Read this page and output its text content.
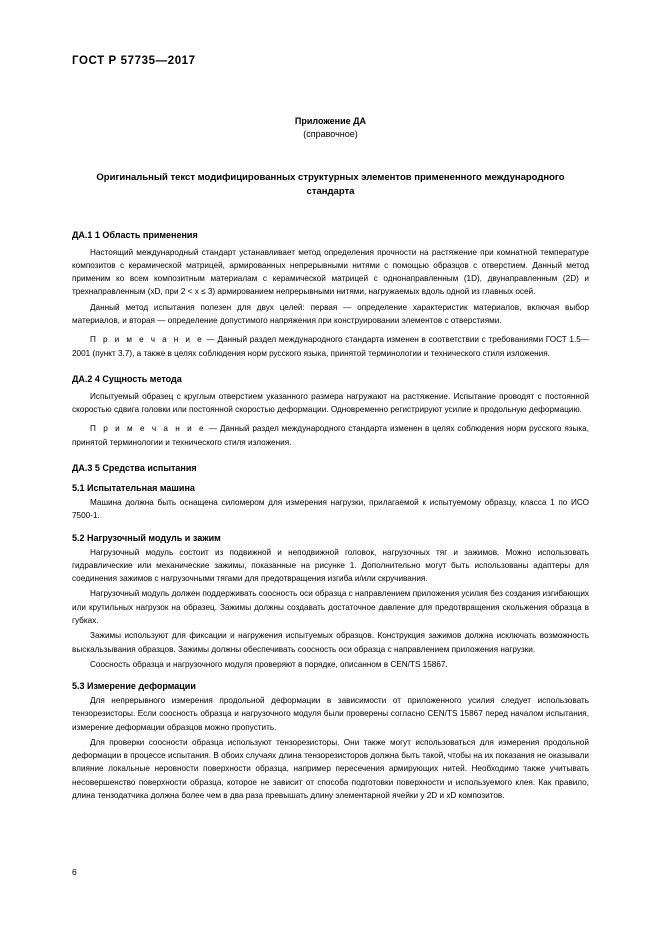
ГОСТ Р 57735—2017
Приложение ДА
(справочное)
Оригинальный текст модифицированных структурных элементов примененного международного стандарта
ДА.1 1 Область применения

Настоящий международный стандарт устанавливает метод определения прочности на растяжение при комнатной температуре композитов с керамической матрицей, армированных непрерывными нитями с помощью образцов с отверстием. Данный метод применим ко всем композитным материалам с керамической матрицей с однонаправленным (1D), двунаправленным (2D) и трехнаправленным (xD, при 2 < x ≤ 3) армированием непрерывными нитями, нагружаемых вдоль одной из главных осей.

Данный метод испытания полезен для двух целей: первая — определение характеристик материалов, включая выбор материалов, и вторая — определение допустимого напряжения при конструировании элементов с отверстиями.

П р и м е ч а н и е — Данный раздел международного стандарта изменен в соответствии с требованиями ГОСТ 1.5—2001 (пункт 3.7), а также в целях соблюдения норм русского языка, принятой терминологии и технического стиля изложения.

ДА.2 4 Сущность метода

Испытуемый образец с круглым отверстием указанного размера нагружают на растяжение. Испытание проводят с постоянной скоростью сдвига головки или постоянной скоростью деформации. Одновременно регистрируют усилие и продольную деформацию.

П р и м е ч а н и е — Данный раздел международного стандарта изменен в целях соблюдения норм русского языка, принятой терминологии и технического стиля изложения.

ДА.3 5 Средства испытания
5.1 Испытательная машина

Машина должна быть оснащена силомером для измерения нагрузки, прилагаемой к испытуемому образцу, класса 1 по ИСО 7500-1.

5.2 Нагрузочный модуль и зажим

Нагрузочный модуль состоит из подвижной и неподвижной головок, нагрузочных тяг и зажимов. Можно использовать гидравлические или механические зажимы, показанные на рисунке 1. Дополнительно могут быть использованы адаптеры для соединения зажимов с нагрузочными тягами для предотвращения изгиба и/или скручивания.

Нагрузочный модуль должен поддерживать соосность оси образца с направлением приложения усилия без создания изгибающих или крутильных нагрузок на образец. Зажимы должны создавать достаточное давление для предотвращения скольжения образца в губках.

Зажимы используют для фиксации и нагружения испытуемых образцов. Конструкция зажимов должна исключать возможность выскальзывания образцов. Зажимы должны обеспечивать соосность оси образца с направлением приложения нагрузки.

Соосность образца и нагрузочного модуля проверяют в порядке, описанном в CEN/TS 15867.

5.3 Измерение деформации

Для непрерывного измерения продольной деформации в зависимости от приложенного усилия следует использовать тензорезисторы. Если соосность образца и нагрузочного модуля были проверены согласно CEN/TS 15867 перед началом испытания, измерение деформации образцов можно пропустить.

Для проверки соосности образца используют тензорезисторы. Они также могут использоваться для измерения продольной деформации в процессе испытания. В обоих случаях длина тензорезисторов должна быть такой, чтобы на их показания не оказывали влияние локальные неровности поверхности образца, например пересечения армирующих нитей. Необходимо также учитывать несовершенство поверхности образца, которое не зависит от способа подготовки поверхности и используемого клея. Как правило, длина тензодатчика должна более чем в два раза превышать длину элементарной ячейки у 2D и xD композитов.

6
